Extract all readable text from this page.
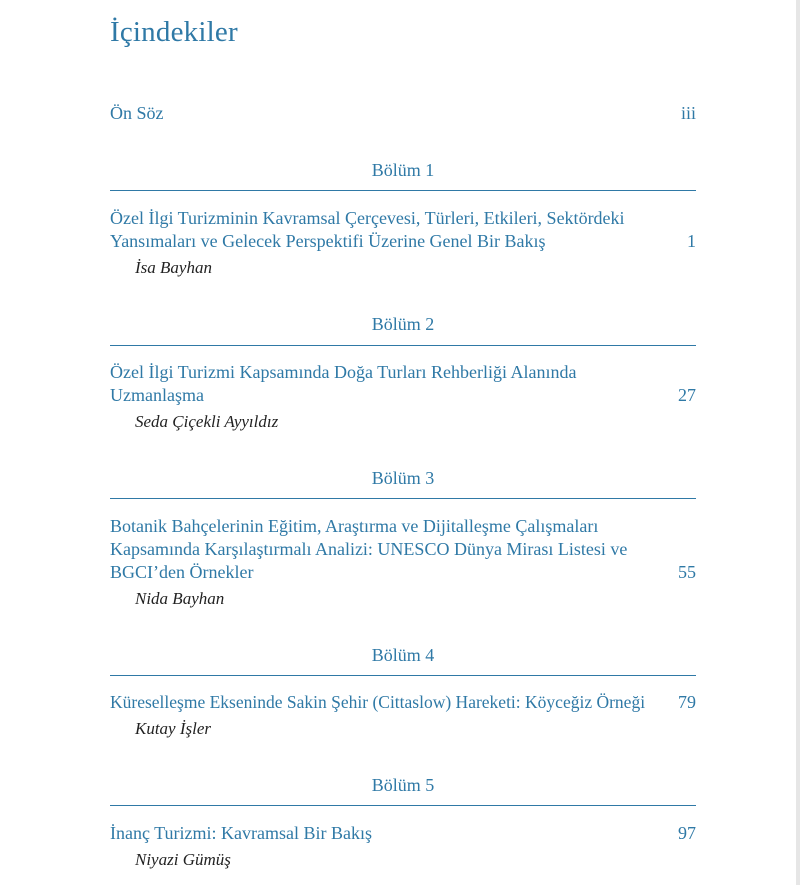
İçindekiler
Ön Söz	iii
Bölüm 1
Özel İlgi Turizminin Kavramsal Çerçevesi, Türleri, Etkileri, Sektördeki Yansımaları ve Gelecek Perspektifi Üzerine Genel Bir Bakış	1
İsa Bayhan
Bölüm 2
Özel İlgi Turizmi Kapsamında Doğa Turları Rehberliği Alanında Uzmanlaşma	27
Seda Çiçekli Ayyıldız
Bölüm 3
Botanik Bahçelerinin Eğitim, Araştırma ve Dijitalleşme Çalışmaları Kapsamında Karşılaştırmalı Analizi: UNESCO Dünya Mirası Listesi ve BGCI’den Örnekler	55
Nida Bayhan
Bölüm 4
Küreselleşme Ekseninde Sakin Şehir (Cittaslow) Hareketi: Köyceğiz Örneği	79
Kutay İşler
Bölüm 5
İnanç Turizmi: Kavramsal Bir Bakış	97
Niyazi Gümüş
